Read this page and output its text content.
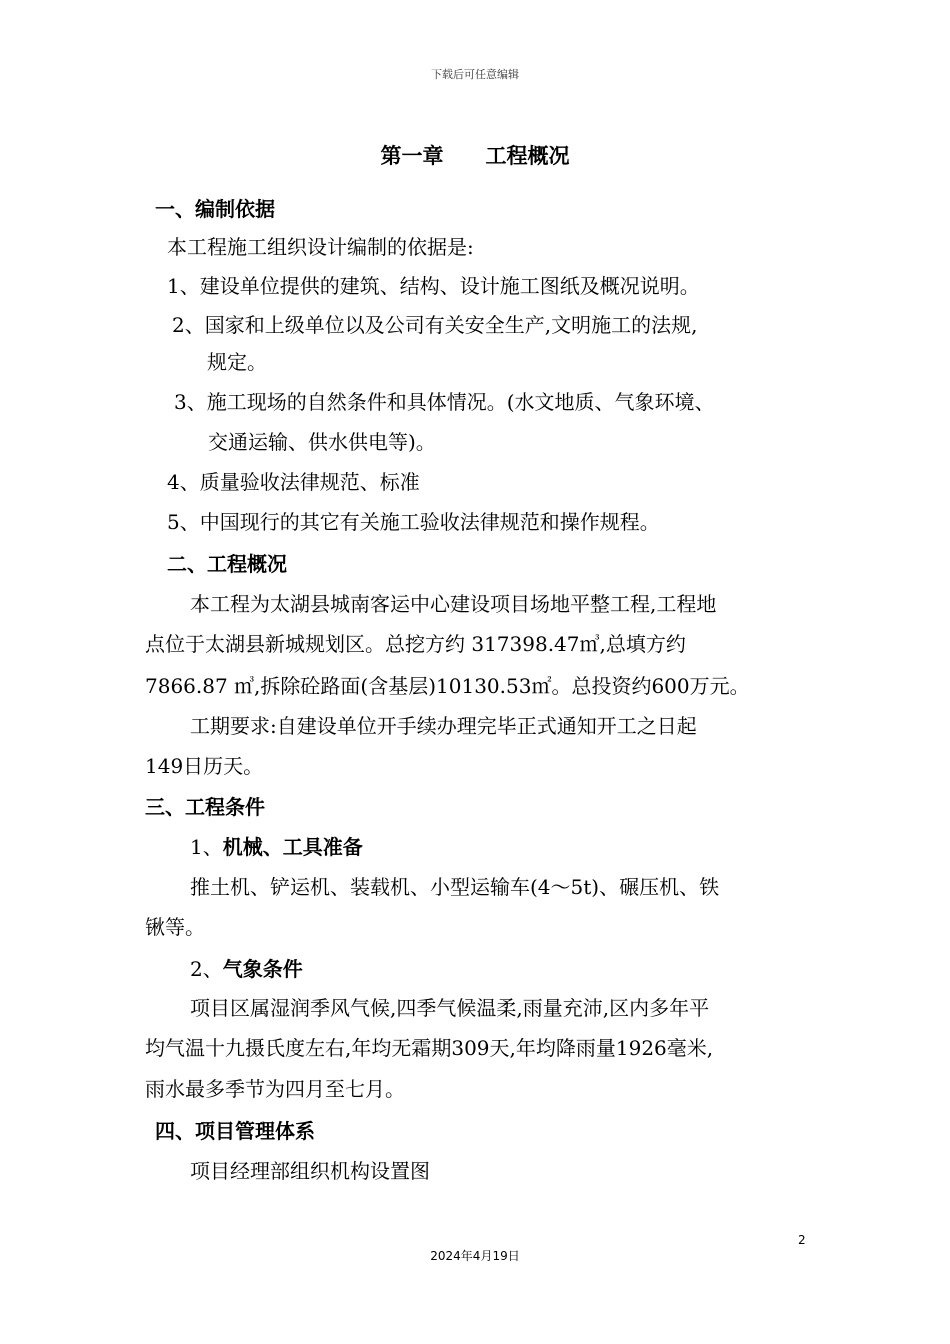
下载后可任意编辑
第一章　　工程概况
一、编制依据
本工程施工组织设计编制的依据是:
1、建设单位提供的建筑、结构、设计施工图纸及概况说明。
2、国家和上级单位以及公司有关安全生产,文明施工的法规,
规定。
3、施工现场的自然条件和具体情况。(水文地质、气象环境、
交通运输、供水供电等)。
4、质量验收法律规范、标准
5、中国现行的其它有关施工验收法律规范和操作规程。
二、工程概况
本工程为太湖县城南客运中心建设项目场地平整工程,工程地
点位于太湖县新城规划区。总挖方约 317398.47㎥,总填方约
7866.87 ㎥,拆除砼路面(含基层)10130.53㎡。总投资约600万元。
工期要求:自建设单位开手续办理完毕正式通知开工之日起
149日历天。
三、工程条件
1、机械、工具准备
推土机、铲运机、装载机、小型运输车(4～5t)、碾压机、铁
锹等。
2、气象条件
项目区属湿润季风气候,四季气候温柔,雨量充沛,区内多年平
均气温十九摄氏度左右,年均无霜期309天,年均降雨量1926毫米,
雨水最多季节为四月至七月。
四、项目管理体系
项目经理部组织机构设置图
2
2024年4月19日
